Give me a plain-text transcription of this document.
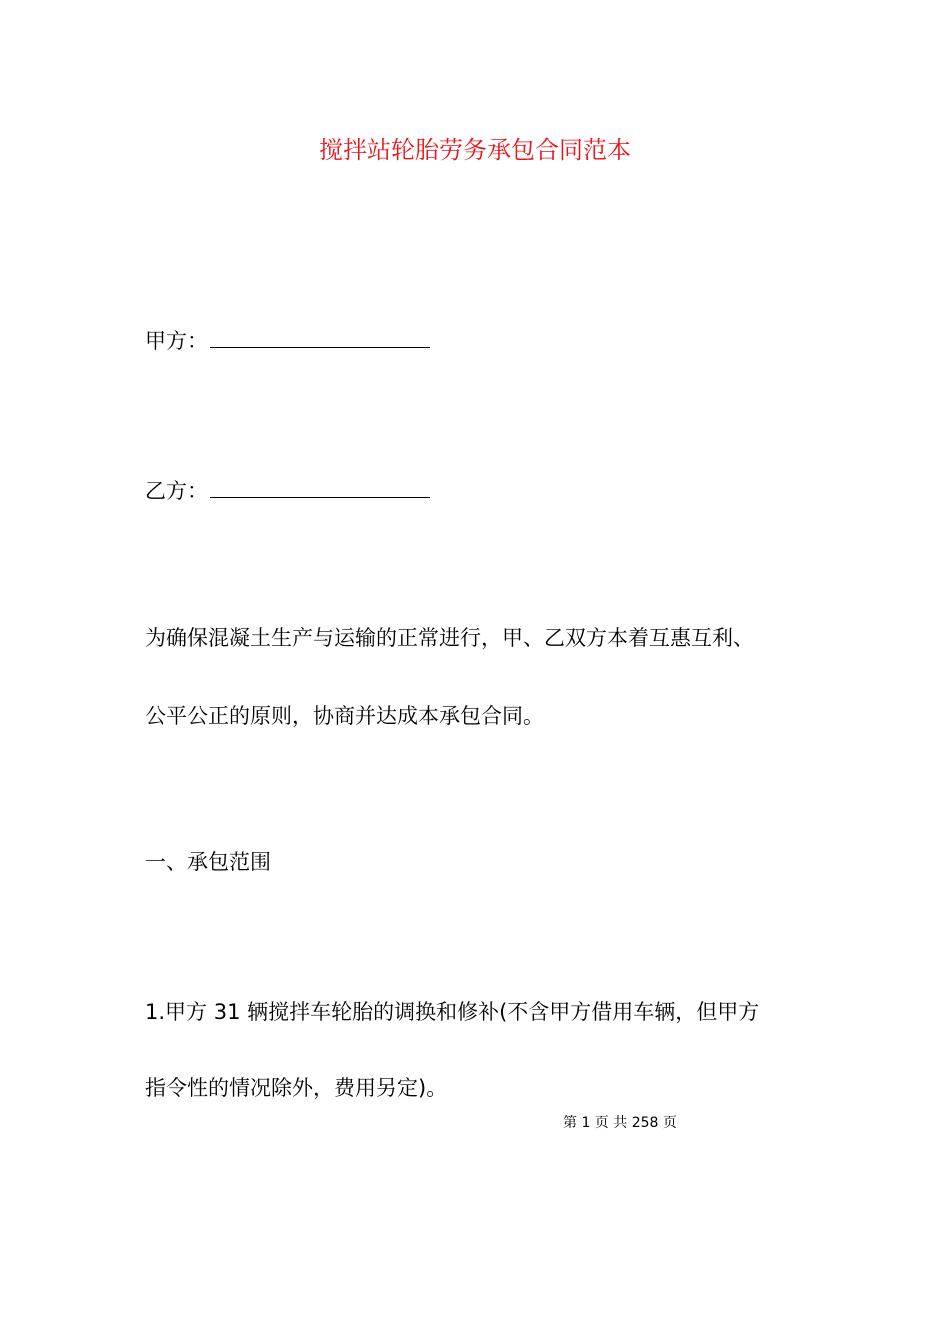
搅拌站轮胎劳务承包合同范本
甲方：
乙方：
为确保混凝土生产与运输的正常进行，甲、乙双方本着互惠互利、
公平公正的原则，协商并达成本承包合同。
一、承包范围
1.甲方 31 辆搅拌车轮胎的调换和修补(不含甲方借用车辆，但甲方
指令性的情况除外，费用另定)。
第 1 页 共 258 页
